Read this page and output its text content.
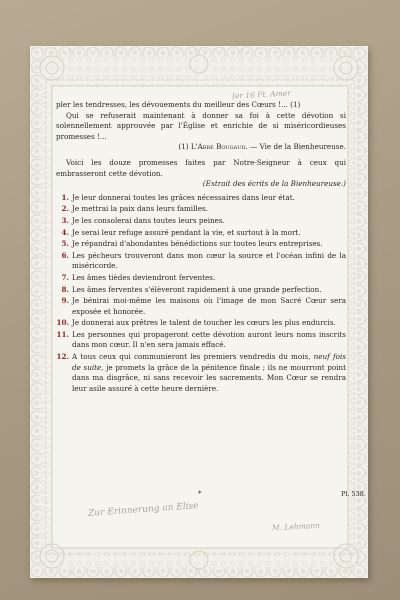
Ier 16 Ft. Amer

pler les tendresses, les dévouements du meilleur des Cœurs !... (1)

Qui se refuserait maintenant à donner sa foi à cette dévotion si solennellement approuvée par l'Église et enrichie de si miséricordieuses promesses !...

(1) L'Abbé Bougaud. — Vie de la Bienheureuse.

Voici les douze promesses faites par Notre-Seigneur à ceux qui embrasseront cette dévotion.

(Extrait des écrits de la Bienheureuse.)

1. Je leur donnerai toutes les grâces nécessaires dans leur état.
2. Je mettrai la paix dans leurs familles.
3. Je les consolerai dans toutes leurs peines.
4. Je serai leur refuge assuré pendant la vie, et surtout à la mort.
5. Je répandrai d'abondantes bénédictions sur toutes leurs entreprises.
6. Les pécheurs trouveront dans mon cœur la source et l'océan infini de la miséricorde.
7. Les âmes tièdes deviendront ferventes.
8. Les âmes ferventes s'élèveront rapidement à une grande perfection.
9. Je bénirai moi-même les maisons où l'image de mon Sacré Cœur sera exposée et honorée.
10. Je donnerai aux prêtres le talent de toucher les cœurs les plus endurcis.
11. Les personnes qui propageront cette dévotion auront leurs noms inscrits dans mon cœur. Il n'en sera jamais effacé.
12. A tous ceux qui communieront les premiers vendredis du mois, neuf fois de suite, je promets la grâce de la pénitence finale ; ils ne mourront point dans ma disgrâce, ni sans recevoir les sacrements. Mon Cœur se rendra leur asile assuré à cette heure dernière.
*	Pl. 538.
Zur Erinnerung an Elise
M. Lehmann
